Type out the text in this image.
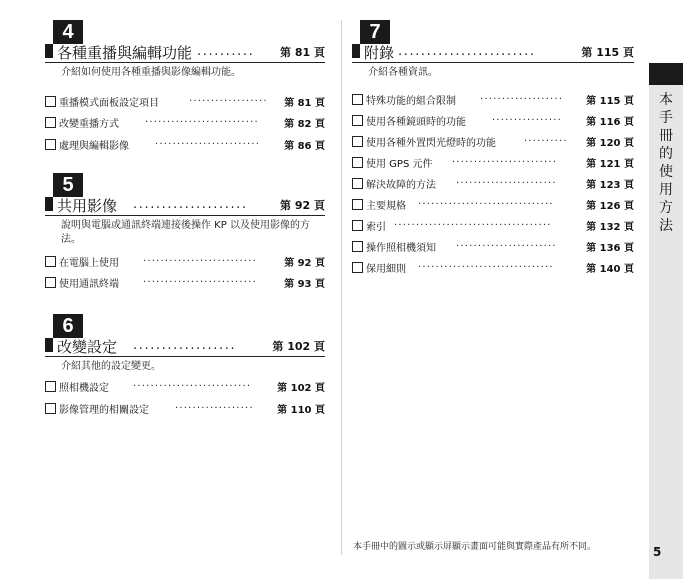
4
各種重播與編輯功能 ..........	第 81 頁
介紹如何使用各種重播與影像編輯功能。
重播模式面板設定項目	..................	第 81 頁
改變重播方式	..........................	第 82 頁
處理與編輯影像	........................	第 86 頁
5
共用影像 ....................	第 92 頁
說明與電腦或通訊終端連接後操作 KP 以及使用影像的方法。
在電腦上使用 ..........................	第 92 頁
使用通訊終端 ..........................	第 93 頁
6
改變設定 ..................	第 102 頁
介紹其他的設定變更。
照相機設定 ...........................	第 102 頁
影像管理的相關設定	..................	第 110 頁
7
附錄 ........................	第 115 頁
介紹各種資訊。
特殊功能的組合限制 ...................	第 115 頁
使用各種鏡頭時的功能	................	第 116 頁
使用各種外置閃光燈時的功能	..........	第 120 頁
使用 GPS 元件 ........................	第 121 頁
解決故障的方法 .......................	第 123 頁
主要規格 ...............................	第 126 頁
索引 ....................................	第 132 頁
操作照相機須知 .......................	第 136 頁
保用細則 ...............................	第 140 頁
本手冊中的圖示或顯示屏顯示畫面可能與實際產品有所不同。
本
手
冊
的
使
用
方
法
5
